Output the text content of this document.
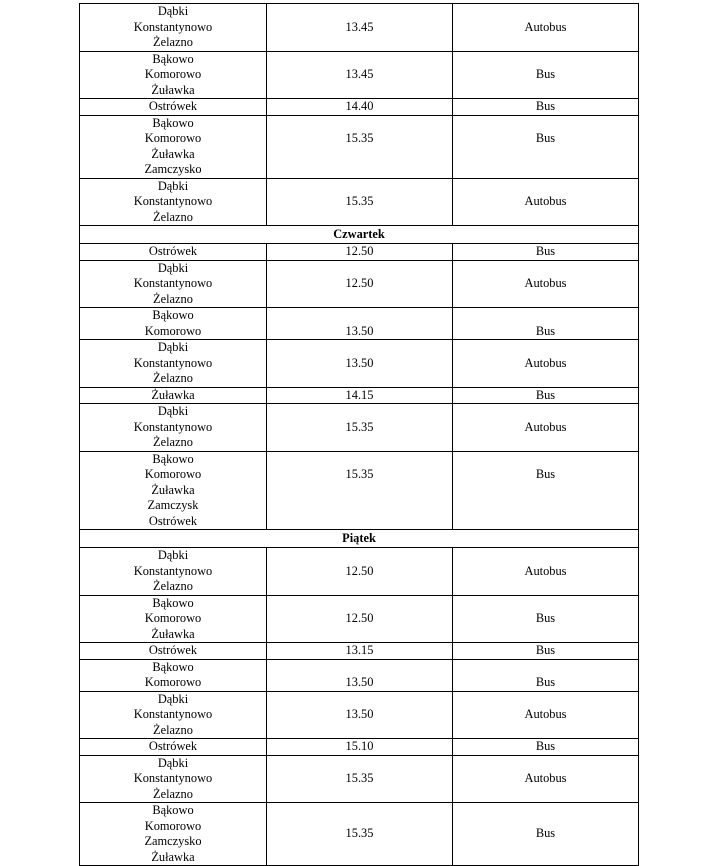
Dąbki
Konstantynowo
Żelazno	13.45	Autobus

Bąkowo
Komorowo
Żuławka	13.45	Bus

Ostrówek	14.40	Bus

Bąkowo
Komorowo
Żuławka
Zamczysko	15.35	Bus

Dąbki
Konstantynowo
Żelazno	15.35	Autobus
Czwartek		

Ostrówek	12.50	Bus

Dąbki
Konstantynowo
Żelazno	12.50	Autobus

Bąkowo
Komorowo	13.50	Bus

Dąbki
Konstantynowo
Żelazno	13.50	Autobus

Żuławka	14.15	Bus

Dąbki
Konstantynowo
Żelazno	15.35	Autobus

Bąkowo
Komorowo
Żuławka
Zamczysk
Ostrówek	15.35	Bus

Piątek		

Dąbki
Konstantynowo
Żelazno	12.50	Autobus

Bąkowo
Komorowo
Żuławka	12.50	Bus

Ostrówek	13.15	Bus

Bąkowo
Komorowo	13.50	Bus

Dąbki
Konstantynowo
Żelazno	13.50	Autobus

Ostrówek	15.10	Bus

Dąbki
Konstantynowo
Żelazno	15.35	Autobus

Bąkowo
Komorowo
Zamczysko
Żuławka	15.35	Bus
